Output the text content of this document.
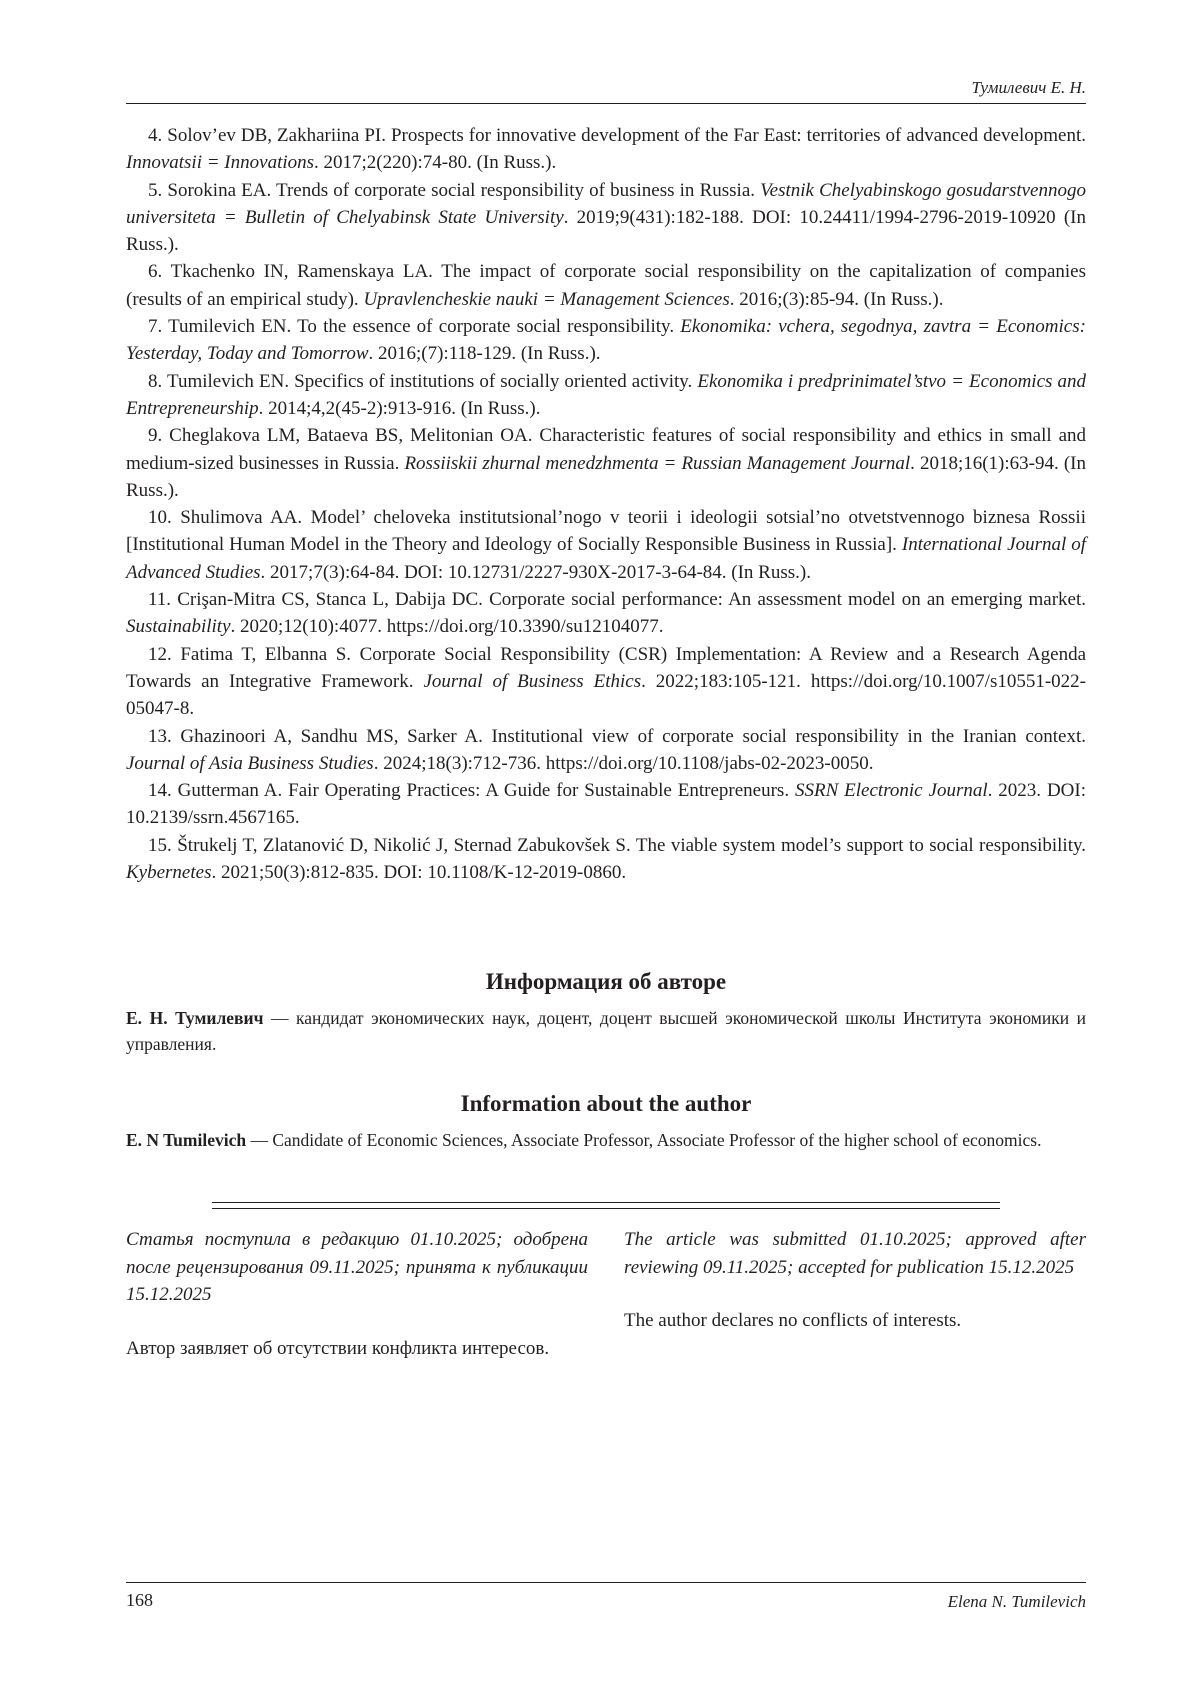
Тумилевич Е. Н.

4. Solov’ev DB, Zakhariina PI. Prospects for innovative development of the Far East: territories of advanced development. Innovatsii = Innovations. 2017;2(220):74-80. (In Russ.).

5. Sorokina EA. Trends of corporate social responsibility of business in Russia. Vestnik Chelyabinskogo gosudarstvennogo universiteta = Bulletin of Chelyabinsk State University. 2019;9(431):182-188. DOI: 10.24411/1994-2796-2019-10920 (In Russ.).

6. Tkachenko IN, Ramenskaya LA. The impact of corporate social responsibility on the capitalization of companies (results of an empirical study). Upravlencheskie nauki = Management Sciences. 2016;(3):85-94. (In Russ.).

7. Tumilevich EN. To the essence of corporate social responsibility. Ekonomika: vchera, segodnya, zavtra = Economics: Yesterday, Today and Tomorrow. 2016;(7):118-129. (In Russ.).

8. Tumilevich EN. Specifics of institutions of socially oriented activity. Ekonomika i predprinimatel’stvo = Economics and Entrepreneurship. 2014;4,2(45-2):913-916. (In Russ.).

9. Cheglakova LM, Bataeva BS, Melitonian OA. Characteristic features of social responsibility and ethics in small and medium-sized businesses in Russia. Rossiiskii zhurnal menedzhmenta = Russian Management Journal. 2018;16(1):63-94. (In Russ.).

10. Shulimova AA. Model’ cheloveka institutsional’nogo v teorii i ideologii sotsial’no otvetstvennogo biznesa Rossii [Institutional Human Model in the Theory and Ideology of Socially Responsible Business in Russia]. International Journal of Advanced Studies. 2017;7(3):64-84. DOI: 10.12731/2227-930X-2017-3-64-84. (In Russ.).

11. Crişan-Mitra CS, Stanca L, Dabija DC. Corporate social performance: An assessment model on an emerging market. Sustainability. 2020;12(10):4077. https://doi.org/10.3390/su12104077.

12. Fatima T, Elbanna S. Corporate Social Responsibility (CSR) Implementation: A Review and a Research Agenda Towards an Integrative Framework. Journal of Business Ethics. 2022;183:105-121. https://doi.org/10.1007/s10551-022-05047-8.

13. Ghazinoori A, Sandhu MS, Sarker A. Institutional view of corporate social responsibility in the Iranian context. Journal of Asia Business Studies. 2024;18(3):712-736. https://doi.org/10.1108/jabs-02-2023-0050.

14. Gutterman A. Fair Operating Practices: A Guide for Sustainable Entrepreneurs. SSRN Electronic Journal. 2023. DOI: 10.2139/ssrn.4567165.

15. Štrukelj T, Zlatanović D, Nikolić J, Sternad Zabukovšek S. The viable system model’s support to social responsibility. Kybernetes. 2021;50(3):812-835. DOI: 10.1108/K-12-2019-0860.

Информация об авторе

Е. Н. Тумилевич — кандидат экономических наук, доцент, доцент высшей экономической школы Института экономики и управления.

Information about the author

E. N Tumilevich — Candidate of Economic Sciences, Associate Professor, Associate Professor of the higher school of economics.

Статья поступила в редакцию 01.10.2025; одобрена после рецензирования 09.11.2025; принята к публикации 15.12.2025

Автор заявляет об отсутствии конфликта интересов.

The article was submitted 01.10.2025; approved after reviewing 09.11.2025; accepted for publication 15.12.2025

The author declares no conflicts of interests.

168	Elena N. Tumilevich
